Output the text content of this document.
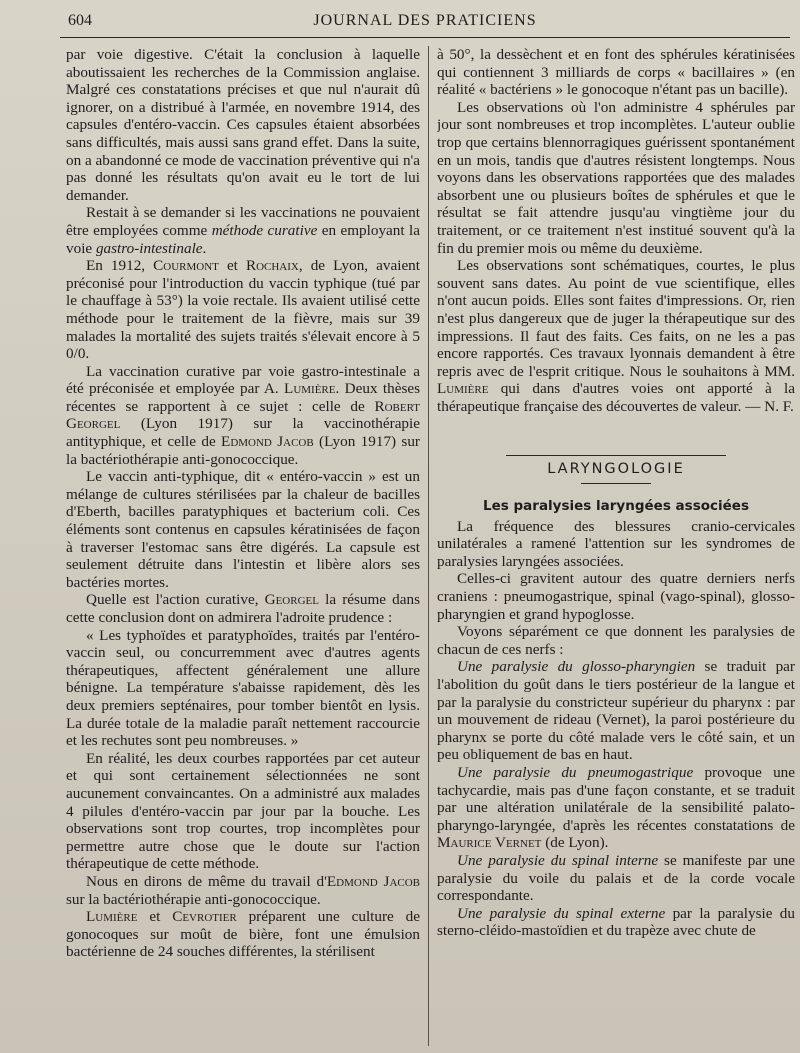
604	JOURNAL DES PRATICIENS

par voie digestive. C'était la conclusion à laquelle aboutissaient les recherches de la Commission anglaise. Malgré ces constatations précises et que nul n'aurait dû ignorer, on a distribué à l'armée, en novembre 1914, des capsules d'entéro-vaccin. Ces capsules étaient absorbées sans difficultés, mais aussi sans grand effet. Dans la suite, on a abandonné ce mode de vaccination préventive qui n'a pas donné les résultats qu'on avait eu le tort de lui demander.

Restait à se demander si les vaccinations ne pouvaient être employées comme méthode curative en employant la voie gastro-intestinale.

En 1912, Courmont et Rochaix, de Lyon, avaient préconisé pour l'introduction du vaccin typhique (tué par le chauffage à 53°) la voie rectale. Ils avaient utilisé cette méthode pour le traitement de la fièvre, mais sur 39 malades la mortalité des sujets traités s'élevait encore à 5 0/0.

La vaccination curative par voie gastro-intestinale a été préconisée et employée par A. Lumière. Deux thèses récentes se rapportent à ce sujet : celle de Robert Georgel (Lyon 1917) sur la vaccinothérapie antityphique, et celle de Edmond Jacob (Lyon 1917) sur la bactériothérapie anti-gonococcique.

Le vaccin anti-typhique, dit « entéro-vaccin » est un mélange de cultures stérilisées par la chaleur de bacilles d'Eberth, bacilles paratyphiques et bacterium coli. Ces éléments sont contenus en capsules kératinisées de façon à traverser l'estomac sans être digérés. La capsule est seulement détruite dans l'intestin et libère alors ses bactéries mortes.

Quelle est l'action curative, Georgel la résume dans cette conclusion dont on admirera l'adroite prudence :

« Les typhoïdes et paratyphoïdes, traités par l'entéro-vaccin seul, ou concurremment avec d'autres agents thérapeutiques, affectent généralement une allure bénigne. La température s'abaisse rapidement, dès les deux premiers septénaires, pour tomber bientôt en lysis. La durée totale de la maladie paraît nettement raccourcie et les rechutes sont peu nombreuses. »

En réalité, les deux courbes rapportées par cet auteur et qui sont certainement sélectionnées ne sont aucunement convaincantes. On a administré aux malades 4 pilules d'entéro-vaccin par jour par la bouche. Les observations sont trop courtes, trop incomplètes pour permettre autre chose que le doute sur l'action thérapeutique de cette méthode.

Nous en dirons de même du travail d'Edmond Jacob sur la bactériothérapie anti-gonococcique.

Lumière et Cevrotier préparent une culture de gonocoques sur moût de bière, font une émulsion bactérienne de 24 souches différentes, la stérilisent

à 50°, la dessèchent et en font des sphérules kératinisées qui contiennent 3 milliards de corps « bacillaires » (en réalité « bactériens » le gonocoque n'étant pas un bacille).

Les observations où l'on administre 4 sphérules par jour sont nombreuses et trop incomplètes. L'auteur oublie trop que certains blennorragiques guérissent spontanément en un mois, tandis que d'autres résistent longtemps. Nous voyons dans les observations rapportées que des malades absorbent une ou plusieurs boîtes de sphérules et que le résultat se fait attendre jusqu'au vingtième jour du traitement, or ce traitement n'est institué souvent qu'à la fin du premier mois ou même du deuxième.

Les observations sont schématiques, courtes, le plus souvent sans dates. Au point de vue scientifique, elles n'ont aucun poids. Elles sont faites d'impressions. Or, rien n'est plus dangereux que de juger la thérapeutique sur des impressions. Il faut des faits. Ces faits, on ne les a pas encore rapportés. Ces travaux lyonnais demandent à être repris avec de l'esprit critique. Nous le souhaitons à MM. Lumière qui dans d'autres voies ont apporté à la thérapeutique française des découvertes de valeur. — N. F.

LARYNGOLOGIE
Les paralysies laryngées associées

La fréquence des blessures cranio-cervicales unilatérales a ramené l'attention sur les syndromes de paralysies laryngées associées.

Celles-ci gravitent autour des quatre derniers nerfs craniens : pneumogastrique, spinal (vago-spinal), glosso-pharyngien et grand hypoglosse.

Voyons séparément ce que donnent les paralysies de chacun de ces nerfs :

Une paralysie du glosso-pharyngien se traduit par l'abolition du goût dans le tiers postérieur de la langue et par la paralysie du constricteur supérieur du pharynx : par un mouvement de rideau (Vernet), la paroi postérieure du pharynx se porte du côté malade vers le côté sain, et un peu obliquement de bas en haut.

Une paralysie du pneumogastrique provoque une tachycardie, mais pas d'une façon constante, et se traduit par une altération unilatérale de la sensibilité palato-pharyngo-laryngée, d'après les récentes constatations de Maurice Vernet (de Lyon).

Une paralysie du spinal interne se manifeste par une paralysie du voile du palais et de la corde vocale correspondante.

Une paralysie du spinal externe par la paralysie du sterno-cléido-mastoïdien et du trapèze avec chute de
